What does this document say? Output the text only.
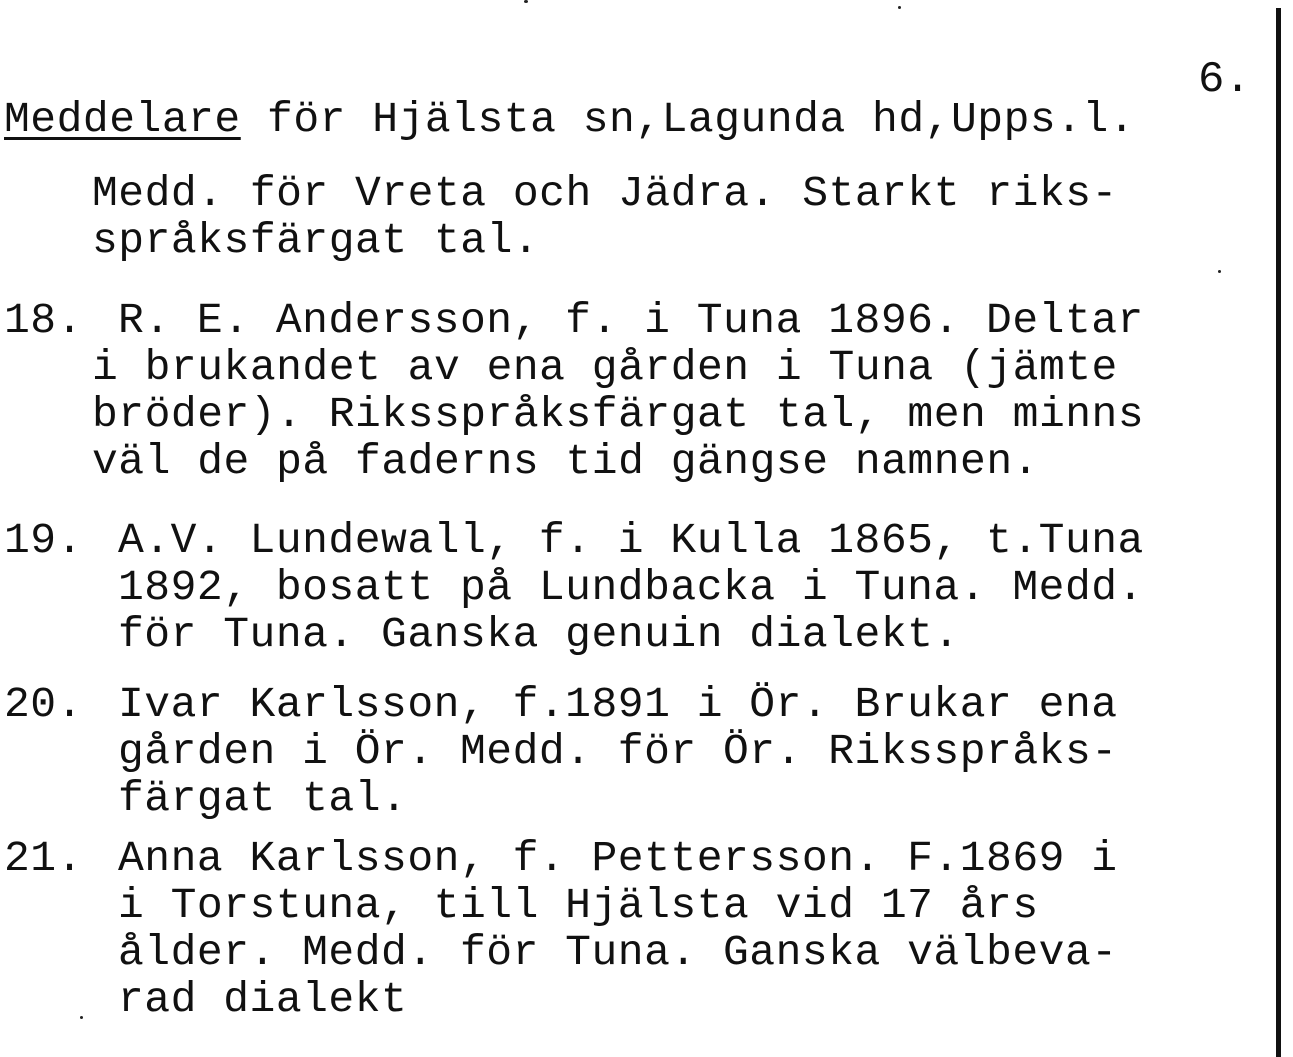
6.
Meddelare för Hjälsta sn,Lagunda hd,Upps.l.
Medd. för Vreta och Jädra. Starkt riks-
språksfärgat tal.
18. R. E. Andersson, f. i Tuna 1896. Deltar
i brukandet av ena gården i Tuna (jämte
bröder). Riksspråksfärgat tal, men minns
väl de på faderns tid gängse namnen.
19. A.V. Lundewall, f. i Kulla 1865, t.Tuna
1892, bosatt på Lundbacka i Tuna. Medd.
för Tuna. Ganska genuin dialekt.
20. Ivar Karlsson, f.1891 i Ör. Brukar ena
gården i Ör. Medd. för Ör. Riksspråks-
färgat tal.
21. Anna Karlsson, f. Pettersson. F.1869 i
i Torstuna, till Hjälsta vid 17 års
ålder. Medd. för Tuna. Ganska välbeva-
rad dialekt
